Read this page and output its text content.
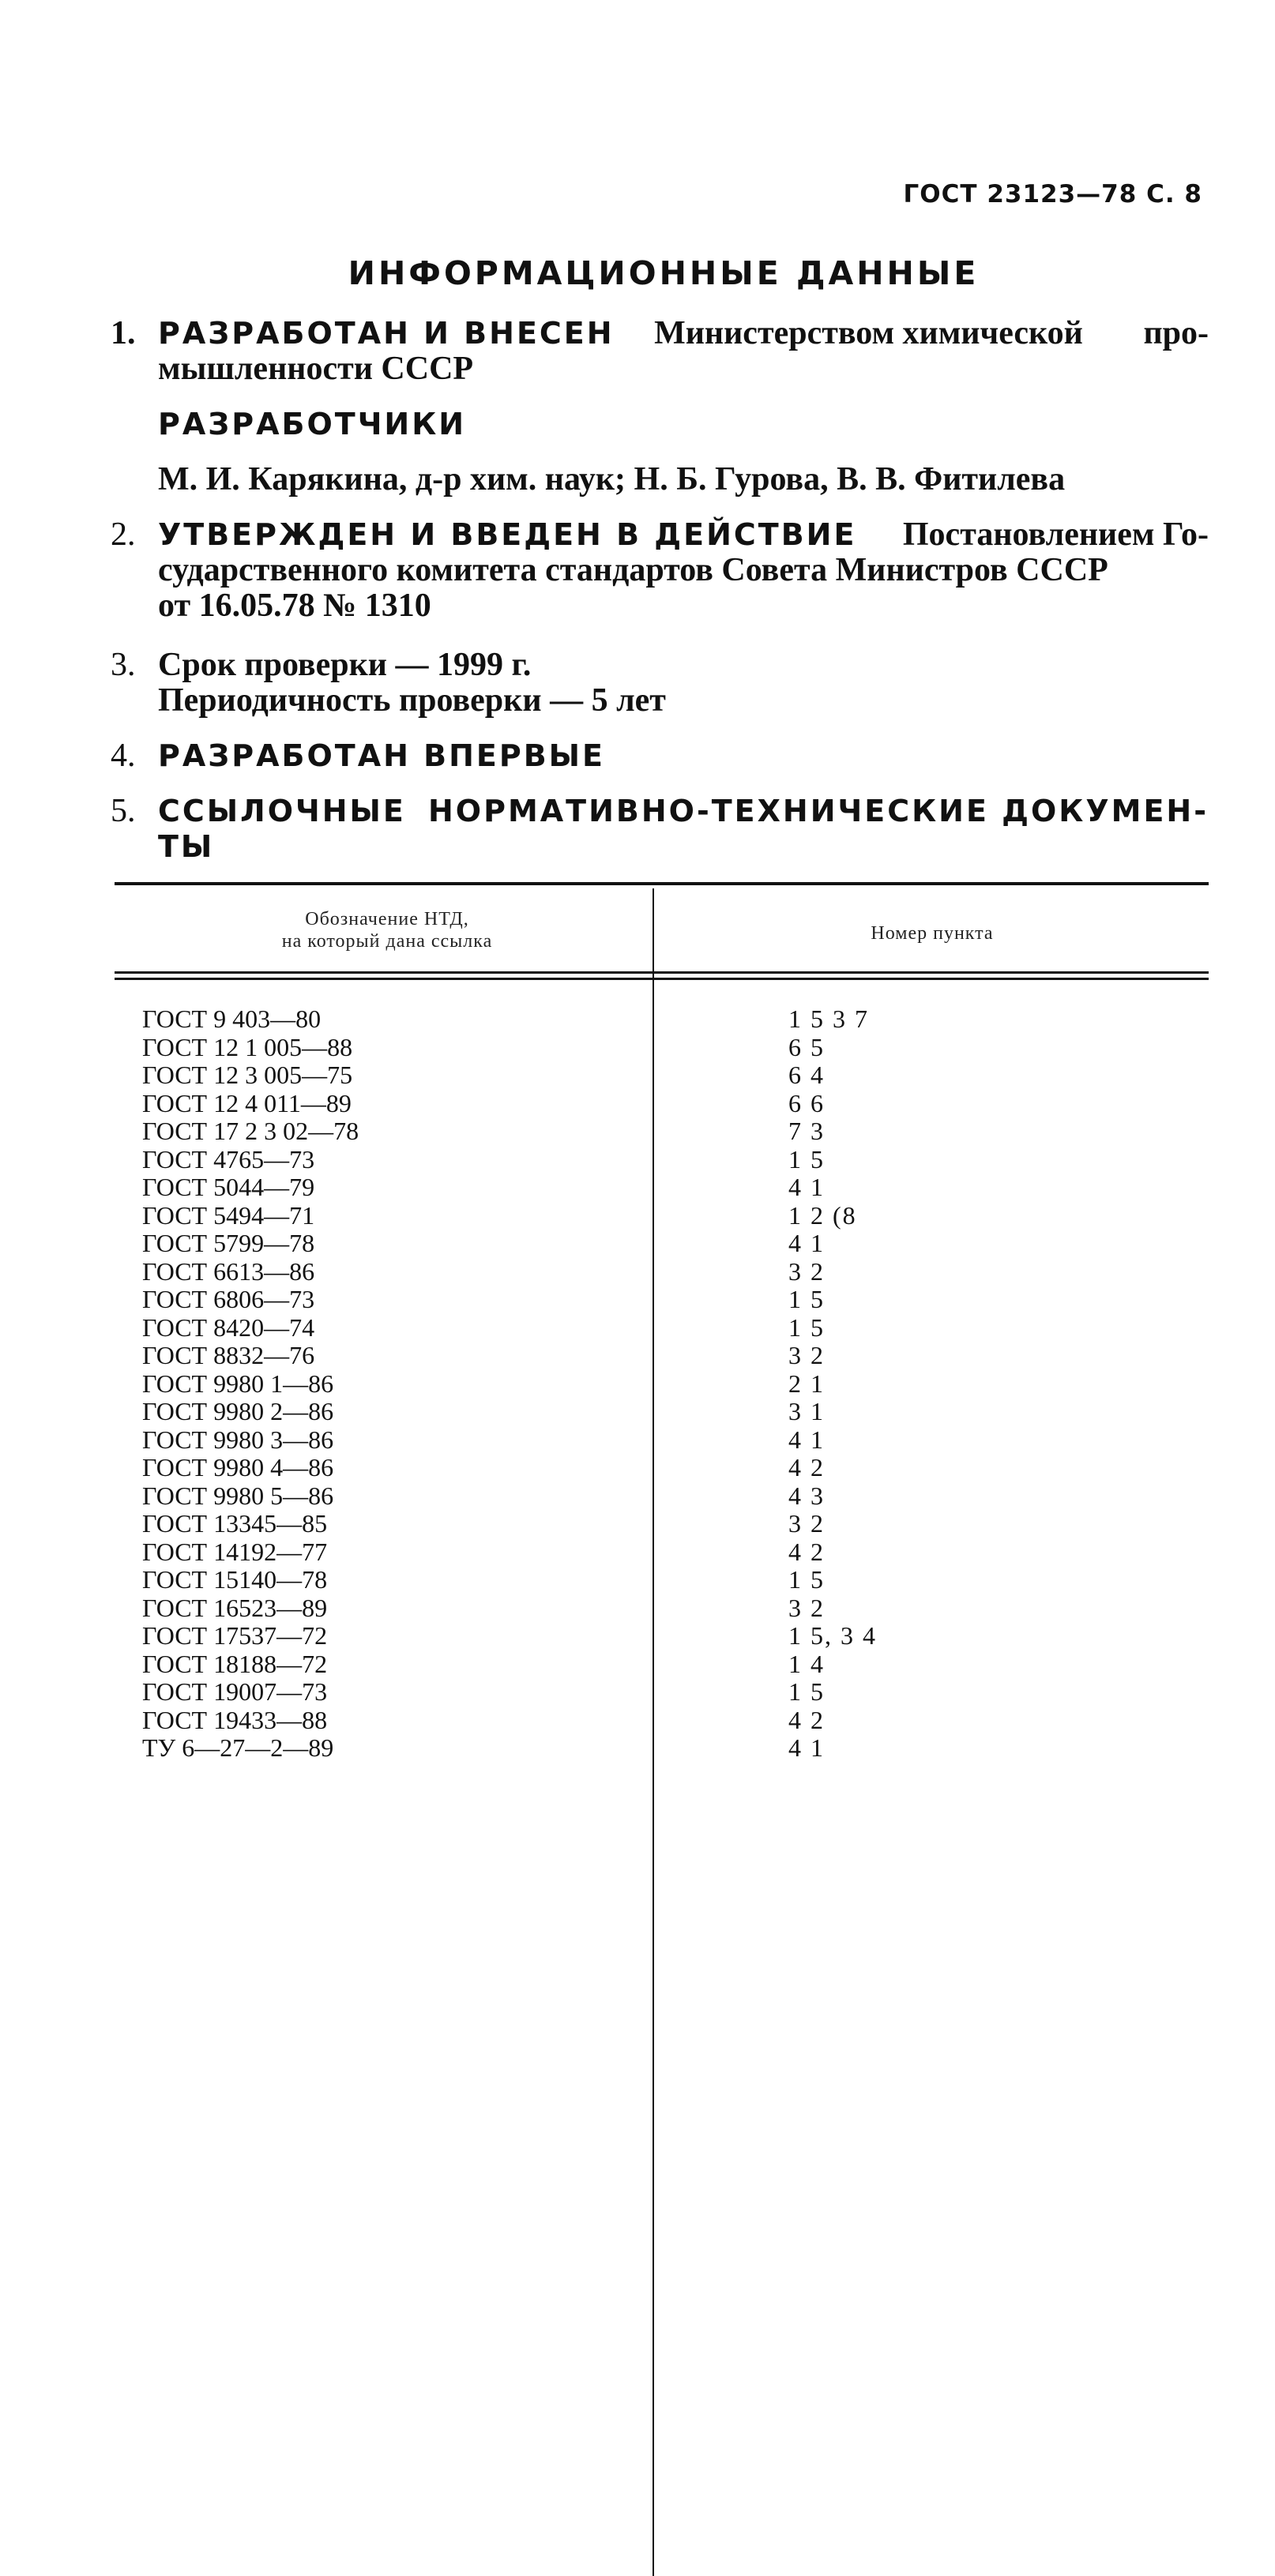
ГОСТ 23123—78 С. 8
ИНФОРМАЦИОННЫЕ ДАННЫЕ
1. РАЗРАБОТАН И ВНЕСЕН Министерством химической про-
мышленности СССР
РАЗРАБОТЧИКИ
М. И. Карякина, д-р хим. наук; Н. Б. Гурова, В. В. Фитилева
2. УТВЕРЖДЕН И ВВЕДЕН В ДЕЙСТВИЕ Постановлением Го-
сударственного комитета стандартов Совета Министров СССР
от 16.05.78 № 1310
3. Срок проверки — 1999 г.
Периодичность проверки — 5 лет
4. РАЗРАБОТАН ВПЕРВЫЕ
5. ССЫЛОЧНЫЕ НОРМАТИВНО-ТЕХНИЧЕСКИЕ ДОКУМЕН-
ТЫ
Обозначение НТД,
на который дана ссылка	Номер пункта
ГОСТ 9 403—80	1 5 3 7
ГОСТ 12 1 005—88	6 5
ГОСТ 12 3 005—75	6 4
ГОСТ 12 4 011—89	6 6
ГОСТ 17 2 3 02—78	7 3
ГОСТ 4765—73	1 5
ГОСТ 5044—79	4 1
ГОСТ 5494—71	1 2 (8
ГОСТ 5799—78	4 1
ГОСТ 6613—86	3 2
ГОСТ 6806—73	1 5
ГОСТ 8420—74	1 5
ГОСТ 8832—76	3 2
ГОСТ 9980 1—86	2 1
ГОСТ 9980 2—86	3 1
ГОСТ 9980 3—86	4 1
ГОСТ 9980 4—86	4 2
ГОСТ 9980 5—86	4 3
ГОСТ 13345—85	3 2
ГОСТ 14192—77	4 2
ГОСТ 15140—78	1 5
ГОСТ 16523—89	3 2
ГОСТ 17537—72	1 5, 3 4
ГОСТ 18188—72	1 4
ГОСТ 19007—73	1 5
ГОСТ 19433—88	4 2
ТУ 6—27—2—89	4 1
